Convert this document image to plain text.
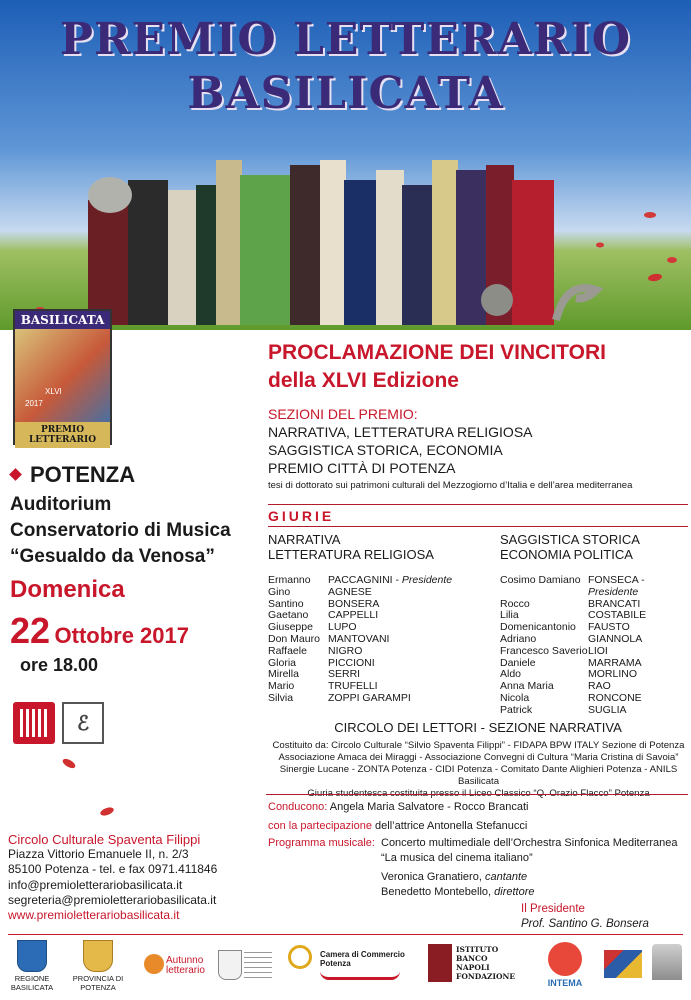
PREMIO LETTERARIO
BASILICATA
BASILICATA
XLVI
2017
PREMIO LETTERARIO
PROCLAMAZIONE DEI VINCITORI
della XLVI Edizione
SEZIONI DEL PREMIO:
NARRATIVA, LETTERATURA RELIGIOSA
SAGGISTICA STORICA, ECONOMIA
PREMIO CITTÀ DI POTENZA
tesi di dottorato sui patrimoni culturali del Mezzogiorno d’Italia e dell’area mediterranea
POTENZA
Auditorium
Conservatorio di Musica
“Gesualdo da Venosa”
Domenica
22 Ottobre 2017
ore 18.00
ℰ
GIURIE
NARRATIVA
LETTERATURA RELIGIOSA
SAGGISTICA STORICA
ECONOMIA POLITICA
Ermanno	PACCAGNINI - Presidente
Gino	AGNESE
Santino	BONSERA
Gaetano	CAPPELLI
Giuseppe	LUPO
Don Mauro MANTOVANI
Raffaele	NIGRO
Gloria	PICCIONI
Mirella	SERRI
Mario	TRUFELLI
Silvia	ZOPPI GARAMPI
Cosimo Damiano FONSECA - Presidente
Rocco	BRANCATI
Lilia	COSTABILE
Domenicantonio	FAUSTO
Adriano	GIANNOLA
Francesco Saverio LIOI
Daniele	MARRAMA
Aldo	MORLINO
Anna Maria	RAO
Nicola	RONCONE
Patrick	SUGLIA
CIRCOLO DEI LETTORI - SEZIONE NARRATIVA
Costituito da: Circolo Culturale “Silvio Spaventa Filippi” - FIDAPA BPW ITALY Sezione di Potenza
Associazione Amaca dei Miraggi - Associazione Convegni di Cultura “Maria Cristina di Savoia”
Sinergie Lucane - ZONTA Potenza - CIDI Potenza - Comitato Dante Alighieri Potenza - ANILS Basilicata
Conducono: Angela Maria Salvatore - Rocco Brancati
con la partecipazione dell’attrice Antonella Stefanucci
Programma musicale: Concerto multimediale dell’Orchestra Sinfonica Mediterranea
“La musica del cinema italiano”
Veronica Granatiero, cantante
Benedetto Montebello, direttore
Il Presidente
Prof. Santino G. Bonsera
Circolo Culturale Spaventa Filippi
Piazza Vittorio Emanuele II, n. 2/3
85100 Potenza - tel. e fax 0971.411846
info@premioletterariobasilicata.it
segreteria@premioletterariobasilicata.it
www.premioletterariobasilicata.it
REGIONE BASILICATA
PROVINCIA DI POTENZA
Autunno
letterario
Camera di Commercio
Potenza
ISTITUTO
BANCO
NAPOLI
FONDAZIONE
INTEMA
